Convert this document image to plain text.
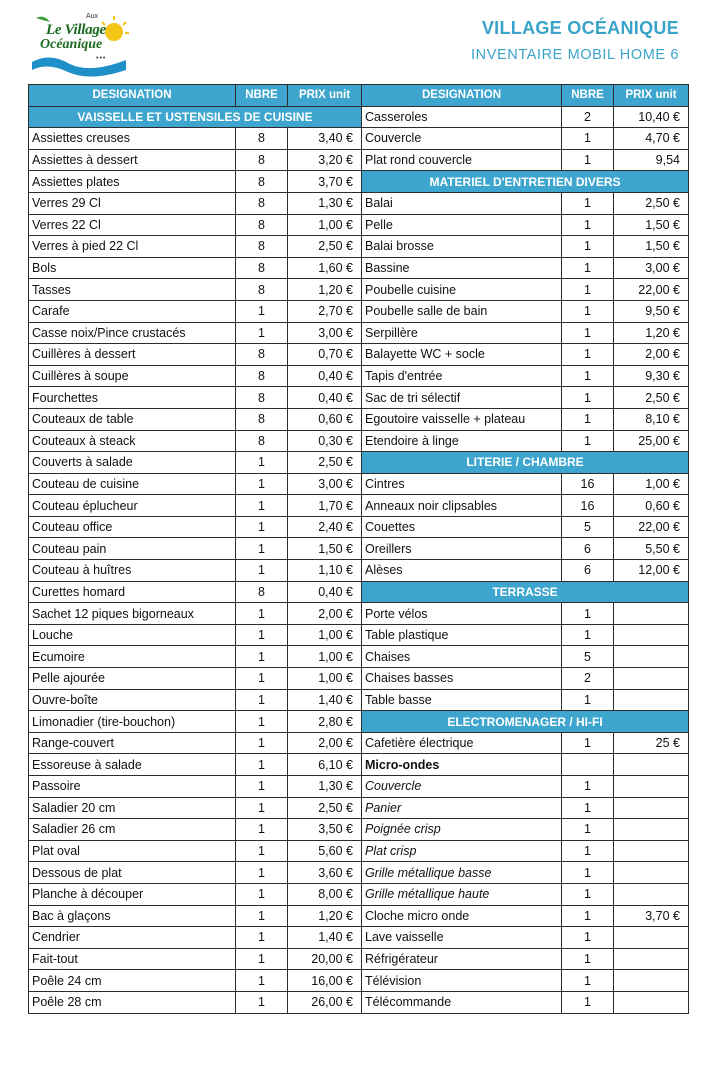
Aux
Le Village
Océanique
•••
VILLAGE OCÉANIQUE
INVENTAIRE MOBIL HOME 6
DESIGNATION	NBRE	PRIX unit	DESIGNATION	NBRE	PRIX unit
VAISSELLE ET USTENSILES DE CUISINE			Casseroles	2	10,40 €
Assiettes creuses	8	3,40 €	Couvercle	1	4,70 €
Assiettes à dessert	8	3,20 €	Plat rond couvercle	1	9,54
Assiettes plates	8	3,70 €	MATERIEL D'ENTRETIEN DIVERS		
Verres 29 Cl	8	1,30 €	Balai	1	2,50 €
Verres 22 Cl	8	1,00 €	Pelle	1	1,50 €
Verres à pied 22 Cl	8	2,50 €	Balai brosse	1	1,50 €
Bols	8	1,60 €	Bassine	1	3,00 €
Tasses	8	1,20 €	Poubelle cuisine	1	22,00 €
Carafe	1	2,70 €	Poubelle salle de bain	1	9,50 €
Casse noix/Pince crustacés	1	3,00 €	Serpillère	1	1,20 €
Cuillères à dessert	8	0,70 €	Balayette WC + socle	1	2,00 €
Cuillères à soupe	8	0,40 €	Tapis d'entrée	1	9,30 €
Fourchettes	8	0,40 €	Sac de tri sélectif	1	2,50 €
Couteaux de table	8	0,60 €	Egoutoire vaisselle + plateau	1	8,10 €
Couteaux à steack	8	0,30 €	Etendoire à linge	1	25,00 €
Couverts à salade	1	2,50 €	LITERIE / CHAMBRE		
Couteau de cuisine	1	3,00 €	Cintres	16	1,00 €
Couteau éplucheur	1	1,70 €	Anneaux noir clipsables	16	0,60 €
Couteau office	1	2,40 €	Couettes	5	22,00 €
Couteau pain	1	1,50 €	Oreillers	6	5,50 €
Couteau à huîtres	1	1,10 €	Alèses	6	12,00 €
Curettes homard	8	0,40 €	TERRASSE		
Sachet 12 piques bigorneaux	1	2,00 €	Porte vélos	1	
Louche	1	1,00 €	Table plastique	1	
Ecumoire	1	1,00 €	Chaises	5	
Pelle ajourée	1	1,00 €	Chaises basses	2	
Ouvre-boîte	1	1,40 €	Table basse	1	
Limonadier (tire-bouchon)	1	2,80 €	ELECTROMENAGER / HI-FI		
Range-couvert	1	2,00 €	Cafetière électrique	1	25 €
Essoreuse à salade	1	6,10 €	Micro-ondes		
Passoire	1	1,30 €	Couvercle	1	
Saladier 20 cm	1	2,50 €	Panier	1	
Saladier 26 cm	1	3,50 €	Poignée crisp	1	
Plat oval	1	5,60 €	Plat crisp	1	
Dessous de plat	1	3,60 €	Grille métallique basse	1	
Planche à découper	1	8,00 €	Grille métallique haute	1	
Bac à glaçons	1	1,20 €	Cloche micro onde	1	3,70 €
Cendrier	1	1,40 €	Lave vaisselle	1	
Fait-tout	1	20,00 €	Réfrigérateur	1	
Poêle 24 cm	1	16,00 €	Télévision	1	
Poêle 28 cm	1	26,00 €	Télécommande	1	
